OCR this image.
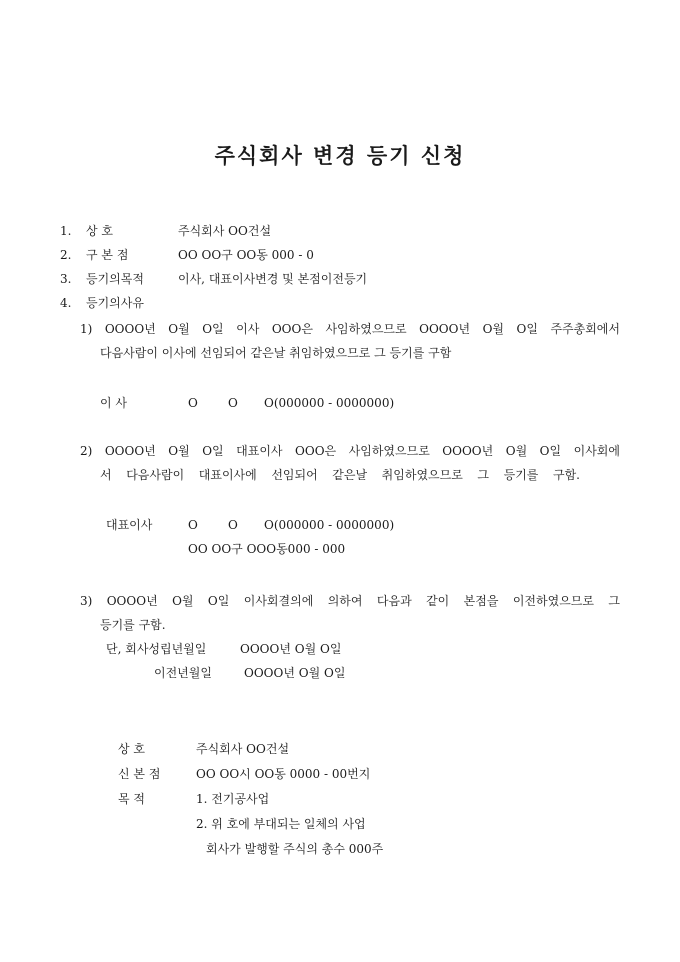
주식회사 변경 등기 신청
1. 상 호	주식회사 OO건설
2. 구 본 점	OO OO구 OO동 000 - 0
3. 등기의목적	이사, 대표이사변경 및 본점이전등기
4. 등기의사유
1) OOOO년 O월 O일 이사 OOO은 사임하였으므로 OOOO년 O월 O일 주주총회에서
다음사람이 이사에 선임되어 같은날 취임하였으므로 그 등기를 구함
이 사	O	O O(000000 - 0000000)
2) OOOO년 O월 O일 대표이사 OOO은 사임하였으므로 OOOO년 O월 O일 이사회에
서 다음사람이 대표이사에 선임되어 같은날 취임하였으므로 그 등기를 구함.
대표이사	O	O O(000000 - 0000000)
OO OO구 OOO동000 - 000
3) OOOO년 O월 O일 이사회결의에 의하여 다음과 같이 본점을 이전하였으므로 그
등기를 구함.
단, 회사성립년월일	OOOO년 O월 O일
이전년월일	OOOO년 O월 O일
상 호	주식회사 OO건설
신 본 점	OO OO시 OO동 0000 - 00번지
목 적	1. 전기공사업
2. 위 호에 부대되는 일체의 사업
회사가 발행할 주식의 총수 000주
